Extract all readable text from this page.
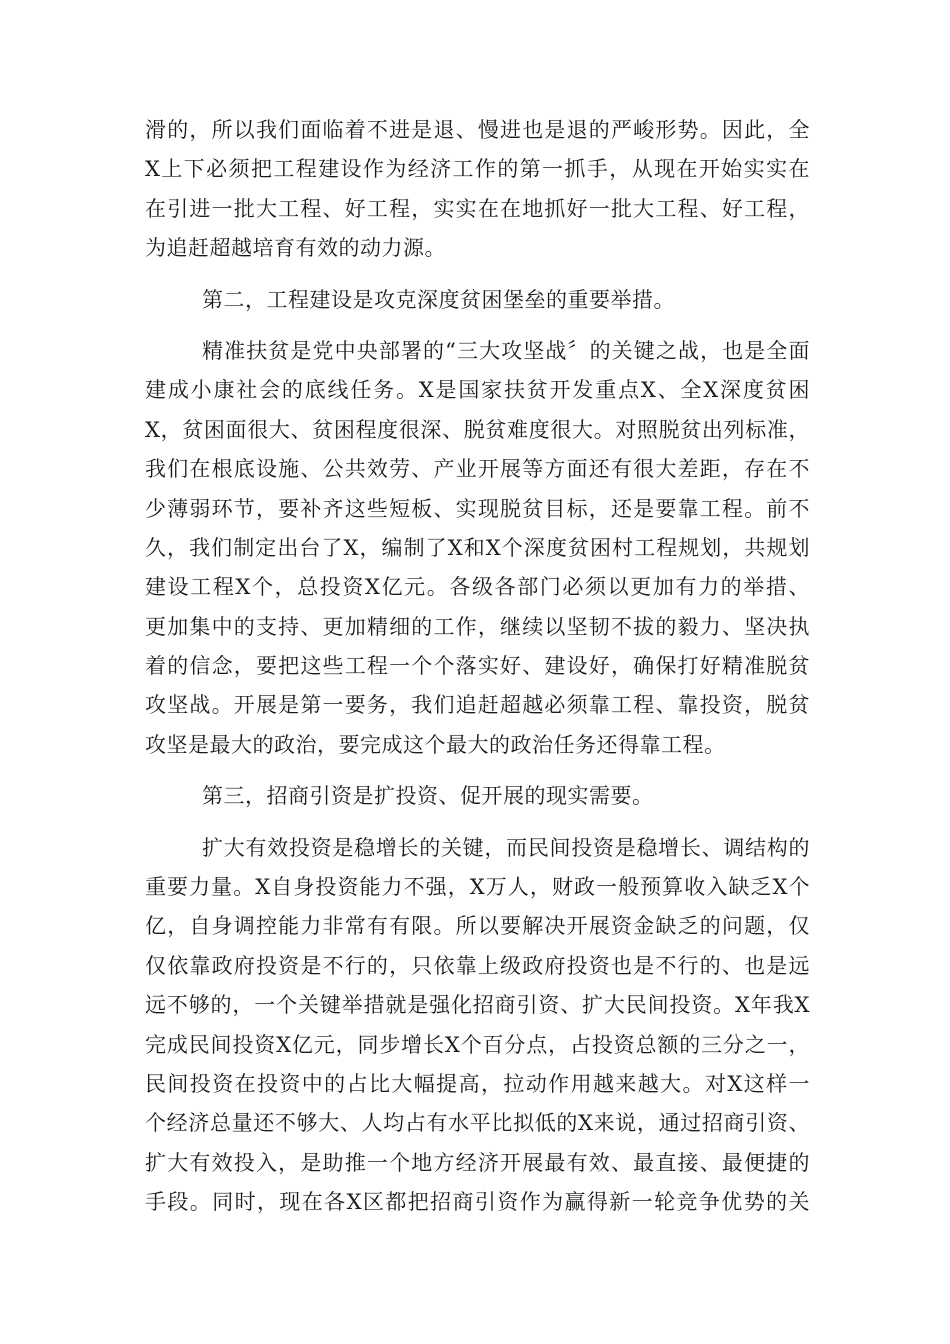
滑的，所以我们面临着不进是退、慢进也是退的严峻形势。因此，全
X上下必须把工程建设作为经济工作的第一抓手，从现在开始实实在
在引进一批大工程、好工程，实实在在地抓好一批大工程、好工程，
为追赶超越培育有效的动力源。
第二，工程建设是攻克深度贫困堡垒的重要举措。
精准扶贫是党中央部署的“三大攻坚战〞的关键之战，也是全面
建成小康社会的底线任务。X是国家扶贫开发重点X、全X深度贫困
X，贫困面很大、贫困程度很深、脱贫难度很大。对照脱贫出列标准，
我们在根底设施、公共效劳、产业开展等方面还有很大差距，存在不
少薄弱环节，要补齐这些短板、实现脱贫目标，还是要靠工程。前不
久，我们制定出台了X，编制了X和X个深度贫困村工程规划，共规划
建设工程X个，总投资X亿元。各级各部门必须以更加有力的举措、
更加集中的支持、更加精细的工作，继续以坚韧不拔的毅力、坚决执
着的信念，要把这些工程一个个落实好、建设好，确保打好精准脱贫
攻坚战。开展是第一要务，我们追赶超越必须靠工程、靠投资，脱贫
攻坚是最大的政治，要完成这个最大的政治任务还得靠工程。
第三，招商引资是扩投资、促开展的现实需要。
扩大有效投资是稳增长的关键，而民间投资是稳增长、调结构的
重要力量。X自身投资能力不强，X万人，财政一般预算收入缺乏X个
亿，自身调控能力非常有有限。所以要解决开展资金缺乏的问题，仅
仅依靠政府投资是不行的，只依靠上级政府投资也是不行的、也是远
远不够的，一个关键举措就是强化招商引资、扩大民间投资。X年我X
完成民间投资X亿元，同步增长X个百分点，占投资总额的三分之一，
民间投资在投资中的占比大幅提高，拉动作用越来越大。对X这样一
个经济总量还不够大、人均占有水平比拟低的X来说，通过招商引资、
扩大有效投入，是助推一个地方经济开展最有效、最直接、最便捷的
手段。同时，现在各X区都把招商引资作为赢得新一轮竞争优势的关
